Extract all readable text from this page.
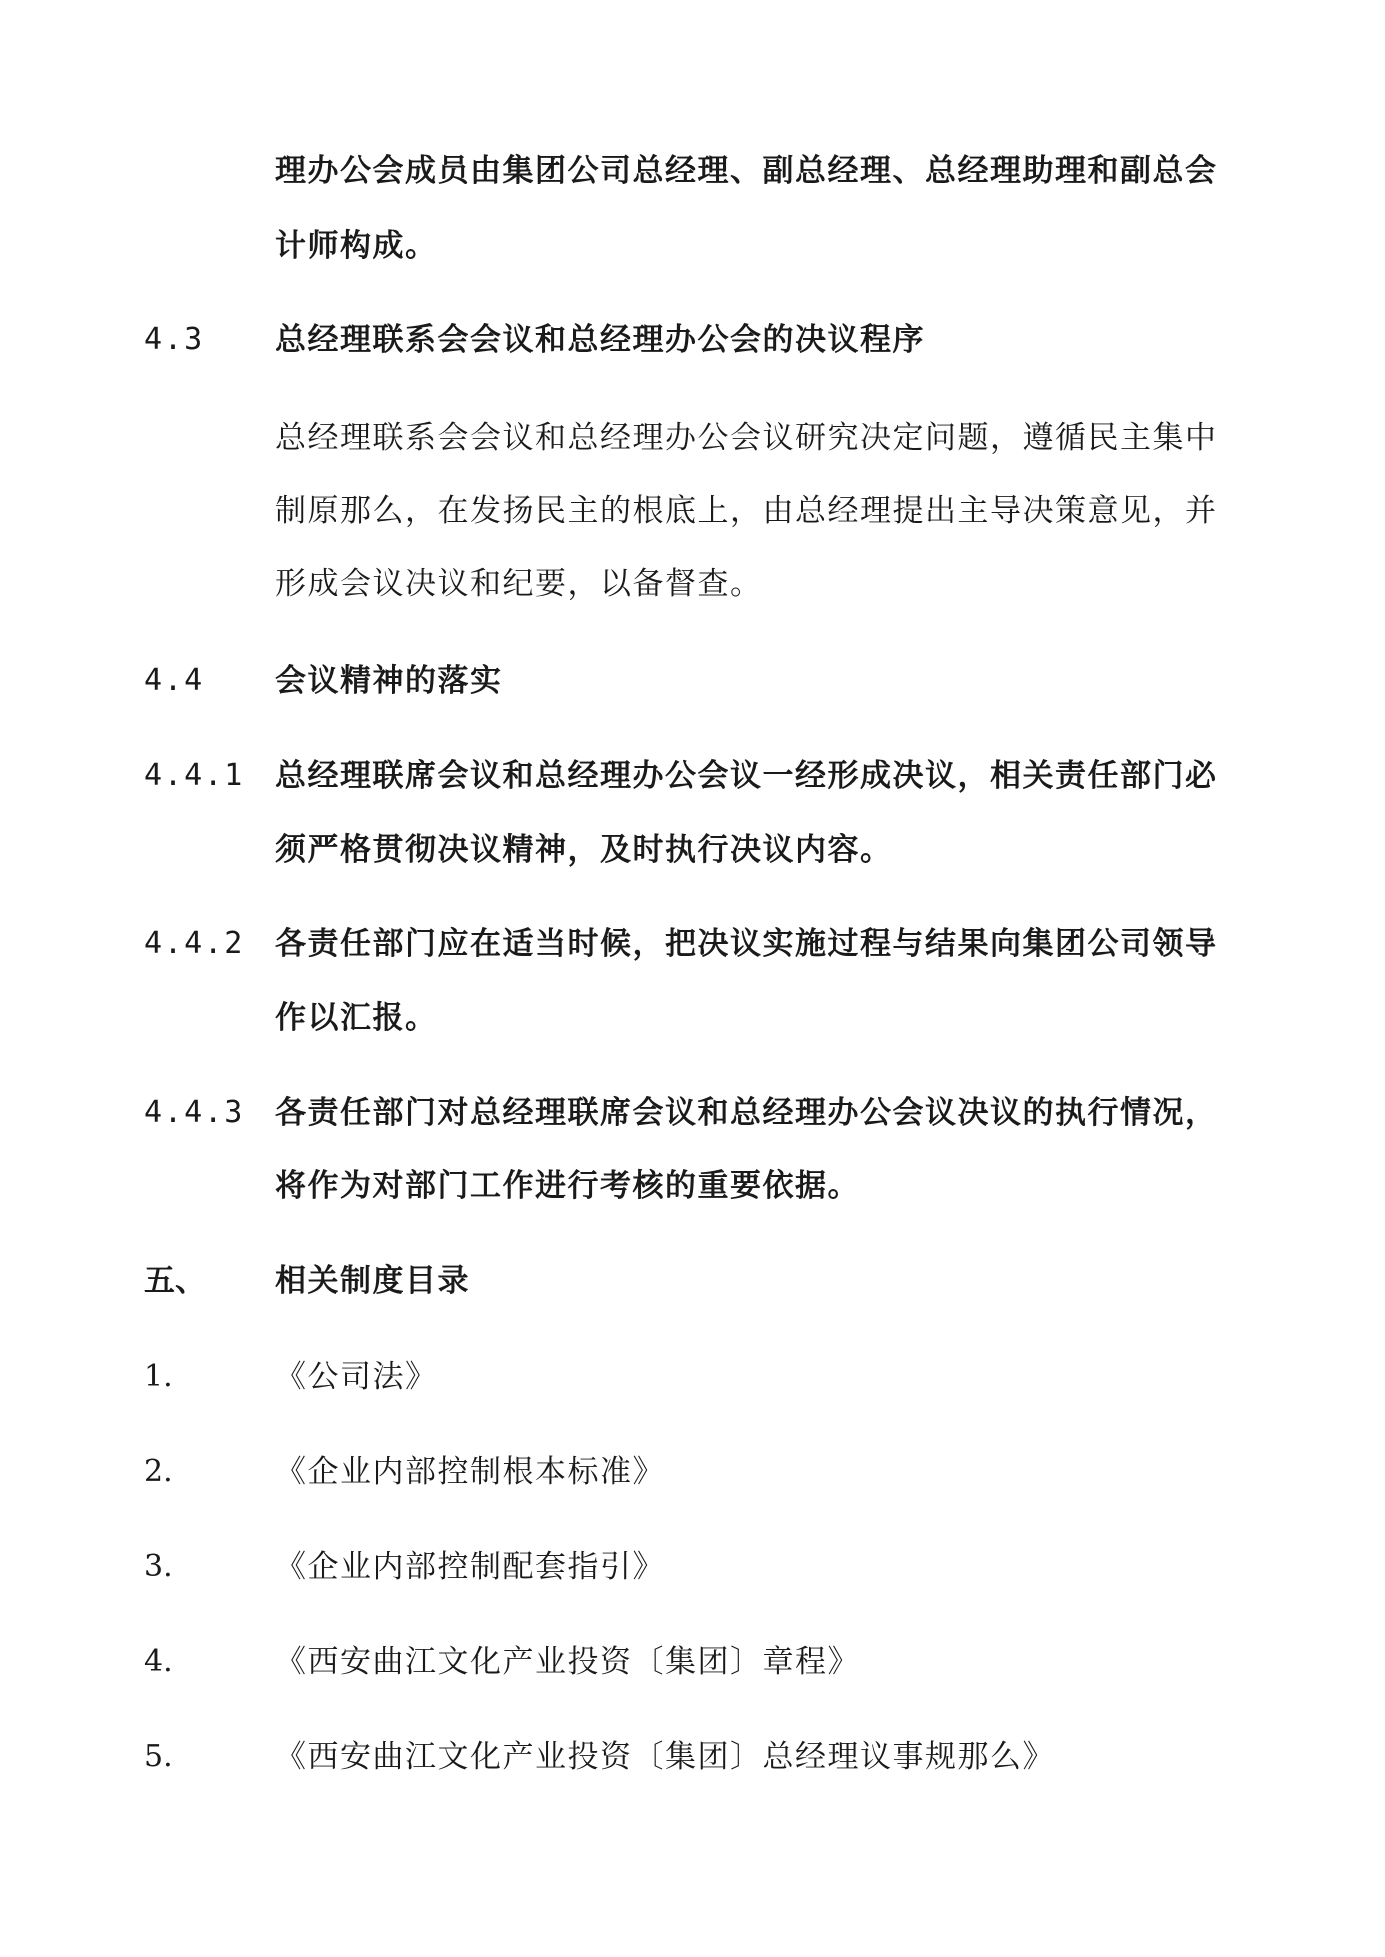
理办公会成员由集团公司总经理、副总经理、总经理助理和副总会
计师构成。
4.3 总经理联系会会议和总经理办公会的决议程序
总经理联系会会议和总经理办公会议研究决定问题，遵循民主集中
制原那么，在发扬民主的根底上，由总经理提出主导决策意见，并
形成会议决议和纪要，以备督查。
4.4 会议精神的落实
4.4.1 总经理联席会议和总经理办公会议一经形成决议，相关责任部门必
须严格贯彻决议精神，及时执行决议内容。
4.4.2 各责任部门应在适当时候，把决议实施过程与结果向集团公司领导
作以汇报。
4.4.3 各责任部门对总经理联席会议和总经理办公会议决议的执行情况，
将作为对部门工作进行考核的重要依据。
五、 相关制度目录
1.	《公司法》
2.	《企业内部控制根本标准》
3.	《企业内部控制配套指引》
4.	《西安曲江文化产业投资〔集团〕章程》
5.	《西安曲江文化产业投资〔集团〕总经理议事规那么》
